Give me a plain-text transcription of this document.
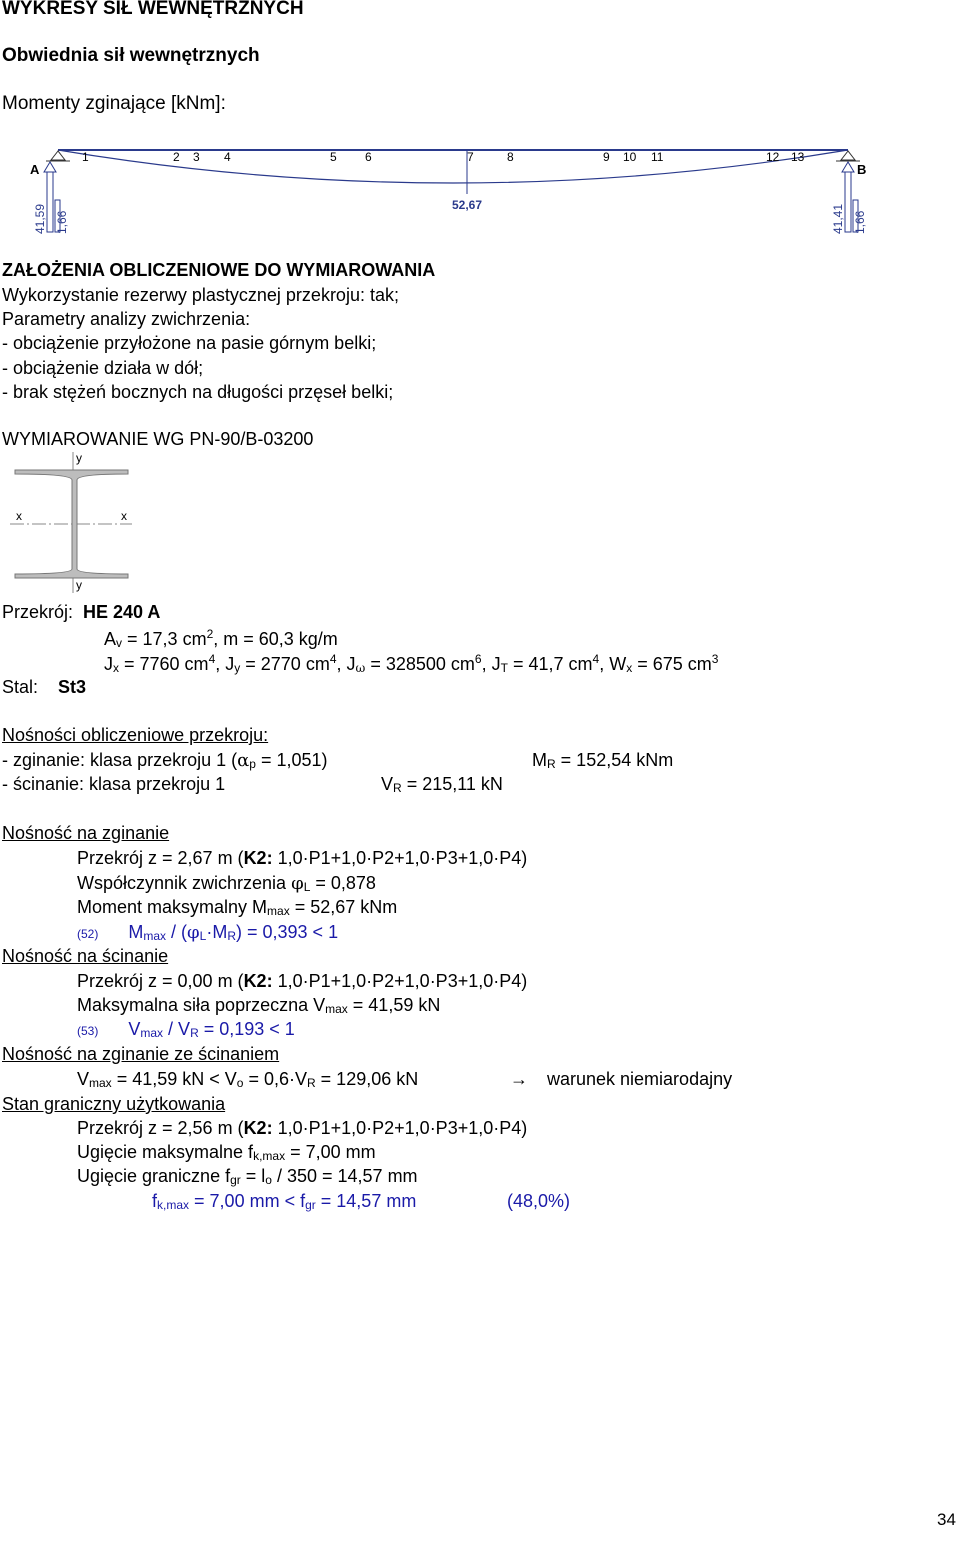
WYKRESY SIŁ WEWNĘTRZNYCH
Obwiednia sił wewnętrznych
Momenty zginające [kNm]:
A	B
1	2 3 4	5 6	7	8	9 10 11	12 13
52,67
41,59 1,66	41,41 1,66
ZAŁOŻENIA OBLICZENIOWE DO WYMIAROWANIA
Wykorzystanie rezerwy plastycznej przekroju: tak;
Parametry analizy zwichrzenia:
- obciążenie przyłożone na pasie górnym belki;
- obciążenie działa w dół;
- brak stężeń bocznych na długości przęseł belki;
WYMIAROWANIE WG PN-90/B-03200
y
y
x	x
Przekrój: HE 240 A
$A_v = 17,3$ $cm^2$, m = 60,3 kg/m
$J_x = 7760$ $cm^4$, $J_y = 2770$ $cm^4$, $J_\omega = 328500$ $cm^6$, $J_T = 41,7$ $cm^4$, $W_x = 675$ $cm^3$
Stal: St3
Nośności obliczeniowe przekroju:
- zginanie: klasa przekroju 1 $(\alpha_p = 1,051)$	$M_R = 152,54$ kNm
- ścinanie: klasa przekroju 1	$V_R = 215,11$ kN
Nośność na zginanie
Przekrój z = 2,67 m (K2: 1,0·P1+1,0·P2+1,0·P3+1,0·P4)
Współczynnik zwichrzenia $\varphi_L = 0,878$
Moment maksymalny $M_{max} = 52,67$ kNm
(52) $M_{max} / (\varphi_L\cdot M_R) = 0,393 < 1$
Nośność na ścinanie
Przekrój z = 0,00 m (K2: 1,0·P1+1,0·P2+1,0·P3+1,0·P4)
Maksymalna siła poprzeczna $V_{max} = 41,59$ kN
(53) $V_{max} / V_R = 0,193 < 1$
Nośność na zginanie ze ścinaniem
$V_{max} = 41,59$ kN < $V_o = 0,6\cdot V_R = 129,06$ kN	→ warunek niemiarodajny
Stan graniczny użytkowania
Przekrój z = 2,56 m (K2: 1,0·P1+1,0·P2+1,0·P3+1,0·P4)
Ugięcie maksymalne $f_{k,max} = 7,00$ mm
Ugięcie graniczne $f_{gr} = l_o / 350 = 14,57$ mm
$f_{k,max} = 7,00$ mm < $f_{gr} = 14,57$ mm	(48,0%)
34
